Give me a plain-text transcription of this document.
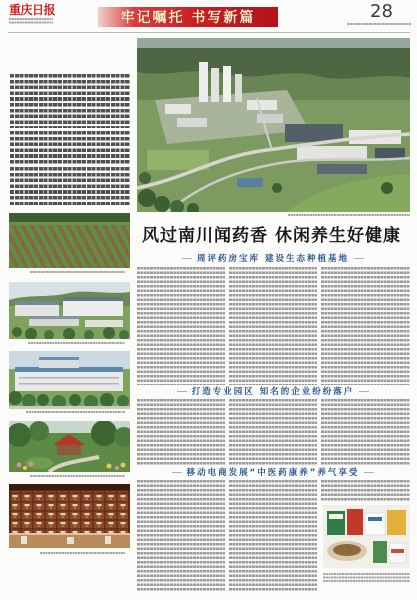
重庆日报	牢记嘱托 书写新篇	28
风过南川闻药香 休闲养生好健康
周评药房宝库 建设生态种植基地
打造专业园区 知名的企业纷纷落户
移动电商发展“中医药康养”养气享受
